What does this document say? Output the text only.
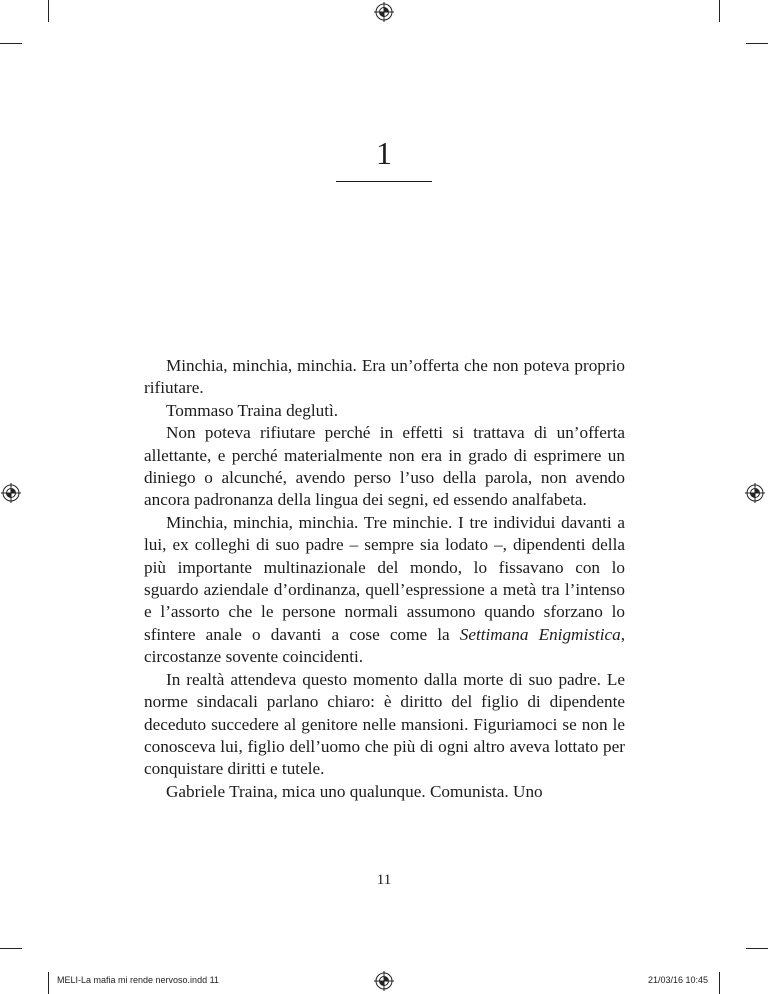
1

Minchia, minchia, minchia. Era un’offerta che non poteva proprio rifiutare.

Tommaso Traina deglutì.

Non poteva rifiutare perché in effetti si trattava di un’offerta allettante, e perché materialmente non era in grado di esprimere un diniego o alcunché, avendo perso l’uso della parola, non avendo ancora padronanza della lingua dei segni, ed essendo analfabeta.

Minchia, minchia, minchia. Tre minchie. I tre individui davanti a lui, ex colleghi di suo padre – sempre sia lodato –, dipendenti della più importante multinazionale del mondo, lo fissavano con lo sguardo aziendale d’ordinanza, quell’espressione a metà tra l’intenso e l’assorto che le persone normali assumono quando sforzano lo sfintere anale o davanti a cose come la Settimana Enigmistica, circostanze sovente coincidenti.

In realtà attendeva questo momento dalla morte di suo padre. Le norme sindacali parlano chiaro: è diritto del figlio di dipendente deceduto succedere al genitore nelle mansioni. Figuriamoci se non le conosceva lui, figlio dell’uomo che più di ogni altro aveva lottato per conquistare diritti e tutele.

Gabriele Traina, mica uno qualunque. Comunista. Uno

11
MELI-La mafia mi rende nervoso.indd 11	21/03/16 10:45
